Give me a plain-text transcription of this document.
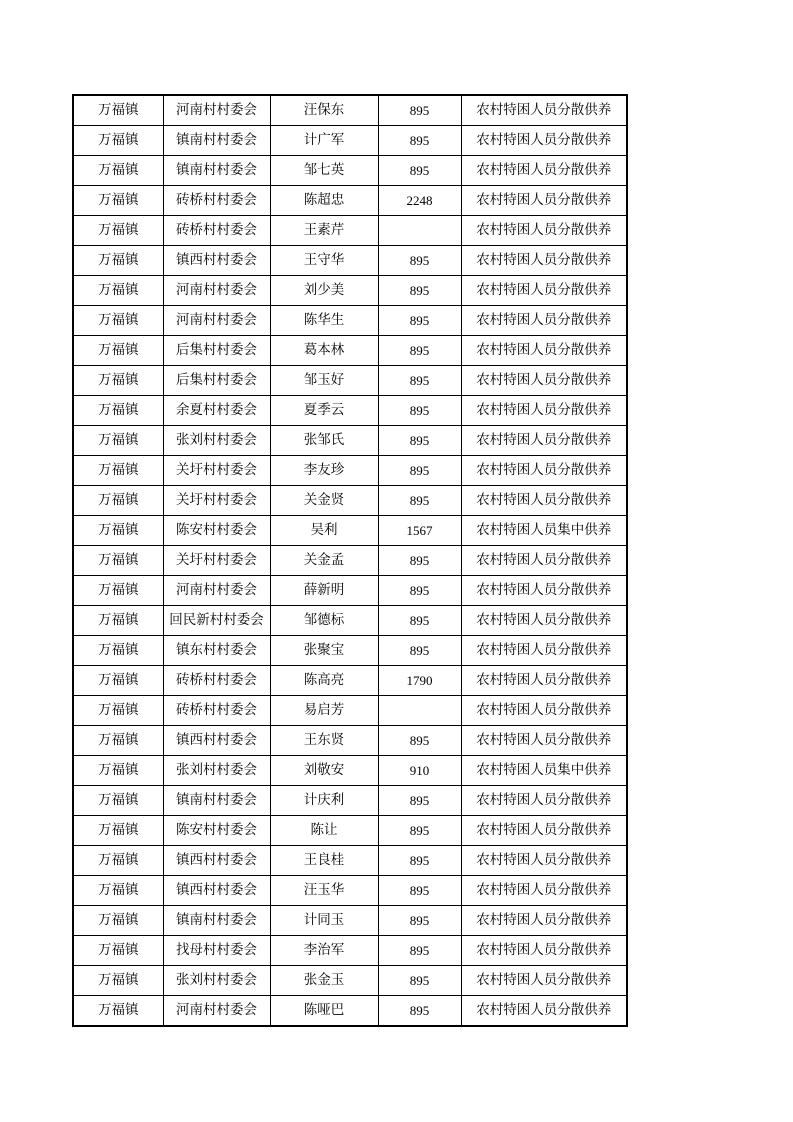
万福镇	河南村村委会	汪保东	895	农村特困人员分散供养
万福镇	镇南村村委会	计广军	895	农村特困人员分散供养
万福镇	镇南村村委会	邹七英	895	农村特困人员分散供养
万福镇	砖桥村村委会	陈超忠	2248	农村特困人员分散供养
万福镇	砖桥村村委会	王素芹		农村特困人员分散供养
万福镇	镇西村村委会	王守华	895	农村特困人员分散供养
万福镇	河南村村委会	刘少美	895	农村特困人员分散供养
万福镇	河南村村委会	陈华生	895	农村特困人员分散供养
万福镇	后集村村委会	葛本林	895	农村特困人员分散供养
万福镇	后集村村委会	邹玉好	895	农村特困人员分散供养
万福镇	余夏村村委会	夏季云	895	农村特困人员分散供养
万福镇	张刘村村委会	张邹氏	895	农村特困人员分散供养
万福镇	关圩村村委会	李友珍	895	农村特困人员分散供养
万福镇	关圩村村委会	关金贤	895	农村特困人员分散供养
万福镇	陈安村村委会	吴利	1567	农村特困人员集中供养
万福镇	关圩村村委会	关金孟	895	农村特困人员分散供养
万福镇	河南村村委会	薛新明	895	农村特困人员分散供养
万福镇	回民新村村委会	邹德标	895	农村特困人员分散供养
万福镇	镇东村村委会	张聚宝	895	农村特困人员分散供养
万福镇	砖桥村村委会	陈高亮	1790	农村特困人员分散供养
万福镇	砖桥村村委会	易启芳		农村特困人员分散供养
万福镇	镇西村村委会	王东贤	895	农村特困人员分散供养
万福镇	张刘村村委会	刘敬安	910	农村特困人员集中供养
万福镇	镇南村村委会	计庆利	895	农村特困人员分散供养
万福镇	陈安村村委会	陈让	895	农村特困人员分散供养
万福镇	镇西村村委会	王良桂	895	农村特困人员分散供养
万福镇	镇西村村委会	汪玉华	895	农村特困人员分散供养
万福镇	镇南村村委会	计同玉	895	农村特困人员分散供养
万福镇	找母村村委会	李治军	895	农村特困人员分散供养
万福镇	张刘村村委会	张金玉	895	农村特困人员分散供养
万福镇	河南村村委会	陈哑巴	895	农村特困人员分散供养
